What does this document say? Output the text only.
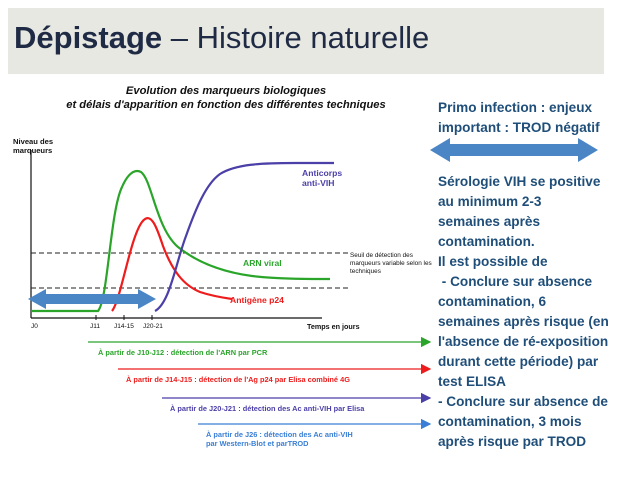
Dépistage – Histoire naturelle
Evolution des marqueurs biologiques
et délais d'apparition en fonction des différentes techniques
Niveau des
marqueurs
Anticorps
anti-VIH
ARN viral
Antigène p24
Seuil de détection des marqueurs variable selon les techniques
J0	J11 J14-15 J20-21	Temps en jours
À partir de J10-J12 : détection de l'ARN par PCR
À partir de J14-J15 : détection de l'Ag p24 par Elisa combiné 4G
À partir de J20-J21 : détection des Ac anti-VIH par Elisa
À partir de J26 : détection des Ac anti-VIH
par Western-Blot et parTROD
Primo infection : enjeux
important : TROD négatif
Sérologie VIH se positive
au minimum 2-3
semaines après
contamination.
Il est possible de
- Conclure sur absence
contamination, 6
semaines après risque (en
l'absence de ré-exposition
durant cette période) par
test ELISA
- Conclure sur absence de
contamination, 3 mois
après risque par TROD
